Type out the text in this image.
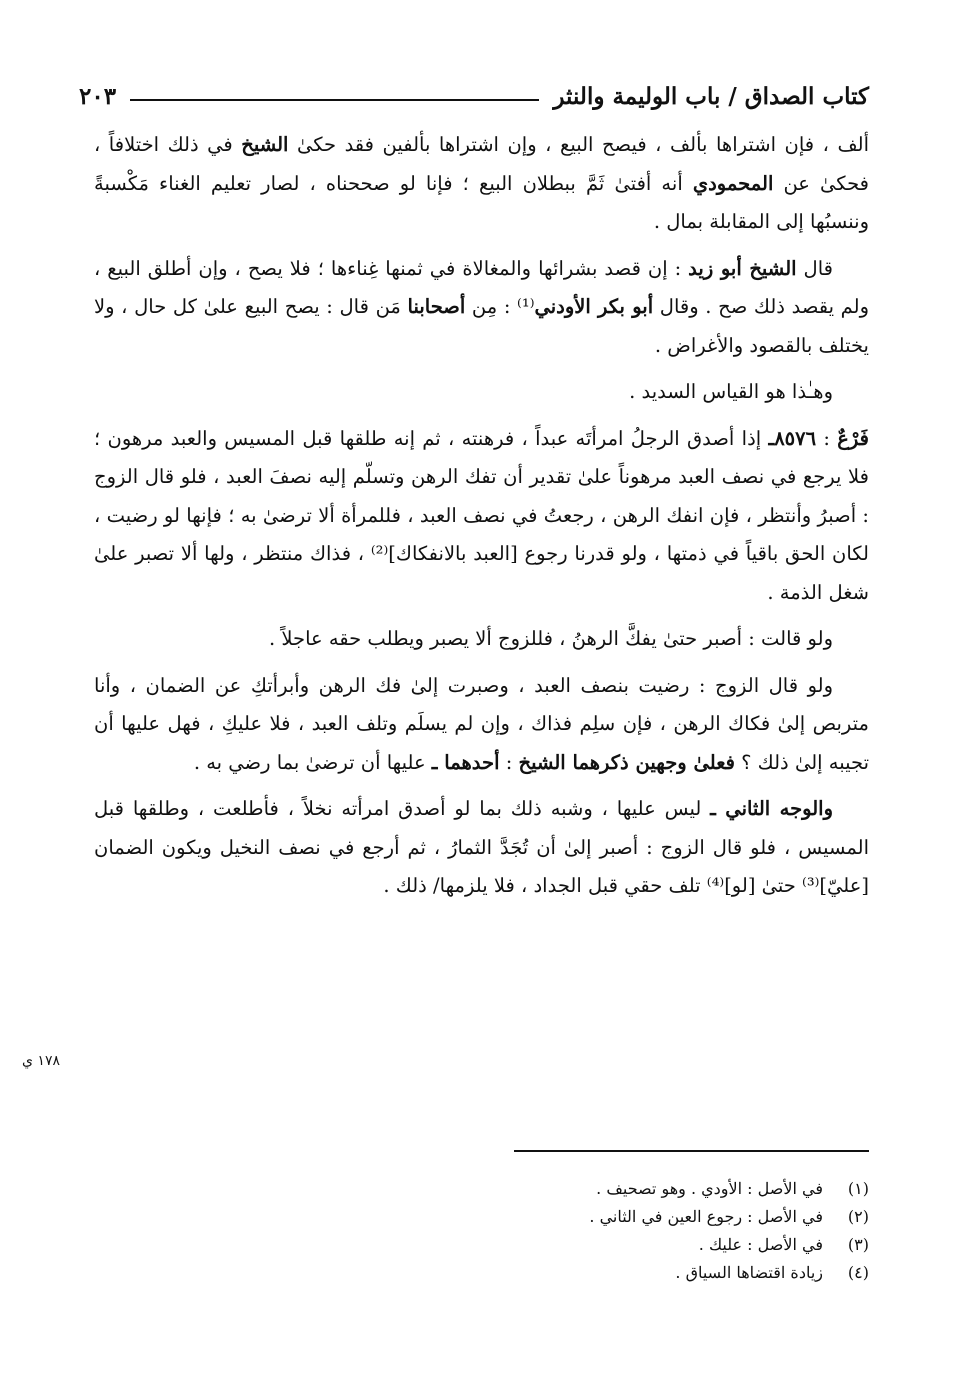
كتاب الصداق / باب الوليمة والنثر
٢٠٣

ألف ، فإن اشتراها بألف ، فيصح البيع ، وإن اشتراها بألفين فقد حكىٰ الشيخ في ذلك اختلافاً ، فحكىٰ عن المحمودي أنه أفتىٰ ثَمَّ ببطلان البيع ؛ فإنا لو صححناه ، لصار تعليم الغناء مَكْسبةً وننسبُها إلى المقابلة بمال .

قال الشيخ أبو زيد : إن قصد بشرائها والمغالاة في ثمنها غِناءها ؛ فلا يصح ، وإن أطلق البيع ، ولم يقصد ذلك صح . وقال أبو بكر الأودني⁽¹⁾ : مِن أصحابنا مَن قال : يصح البيع علىٰ كل حال ، ولا يختلف بالقصود والأغراض .

وهـٰذا هو القياس السديد .

فَرْعٌ : ٨٥٧٦ـ إذا أصدق الرجلُ امرأتَه عبداً ، فرهنته ، ثم إنه طلقها قبل المسيس والعبد مرهون ؛ فلا يرجع في نصف العبد مرهوناً علىٰ تقدير أن تفك الرهن وتسلّم إليه نصفَ العبد ، فلو قال الزوج : أصبرُ وأنتظر ، فإن انفك الرهن ، رجعتُ في نصف العبد ، فللمرأة ألا ترضىٰ به ؛ فإنها لو رضيت ، لكان الحق باقياً في ذمتها ، ولو قدرنا رجوع [العبد بالانفكاك]⁽²⁾ ، فذاك منتظر ، ولها ألا تصبر علىٰ شغل الذمة .

ولو قالت : أصبر حتىٰ يفكَّ الرهنُ ، فللزوج ألا يصبر ويطلب حقه عاجلاً .

ولو قال الزوج : رضيت بنصف العبد ، وصبرت إلىٰ فك الرهن وأبرأتكِ عن الضمان ، وأنا متربص إلىٰ فكاك الرهن ، فإن سلِم فذاك ، وإن لم يسلَم وتلف العبد ، فلا عليكِ ، فهل عليها أن تجيبه إلىٰ ذلك ؟ فعلىٰ وجهين ذكرهما الشيخ : أحدهما ـ عليها أن ترضىٰ بما رضي به .

والوجه الثاني ـ ليس عليها ، وشبه ذلك بما لو أصدق امرأته نخلاً ، فأطلعت ، وطلقها قبل المسيس ، فلو قال الزوج : أصبر إلىٰ أن تُجَدَّ الثمارُ ، ثم أرجع في نصف النخيل ويكون الضمان [عليّ]⁽³⁾ حتىٰ [لو]⁽⁴⁾ تلف حقي قبل الجداد ، فلا يلزمها/ ذلك .

١٧٨ ي
(١)
في الأصل : الأودي . وهو تصحيف .
(٢)
في الأصل : رجوع العين في الثاني .
(٣)
في الأصل : عليك .
(٤)
زيادة اقتضاها السياق .
